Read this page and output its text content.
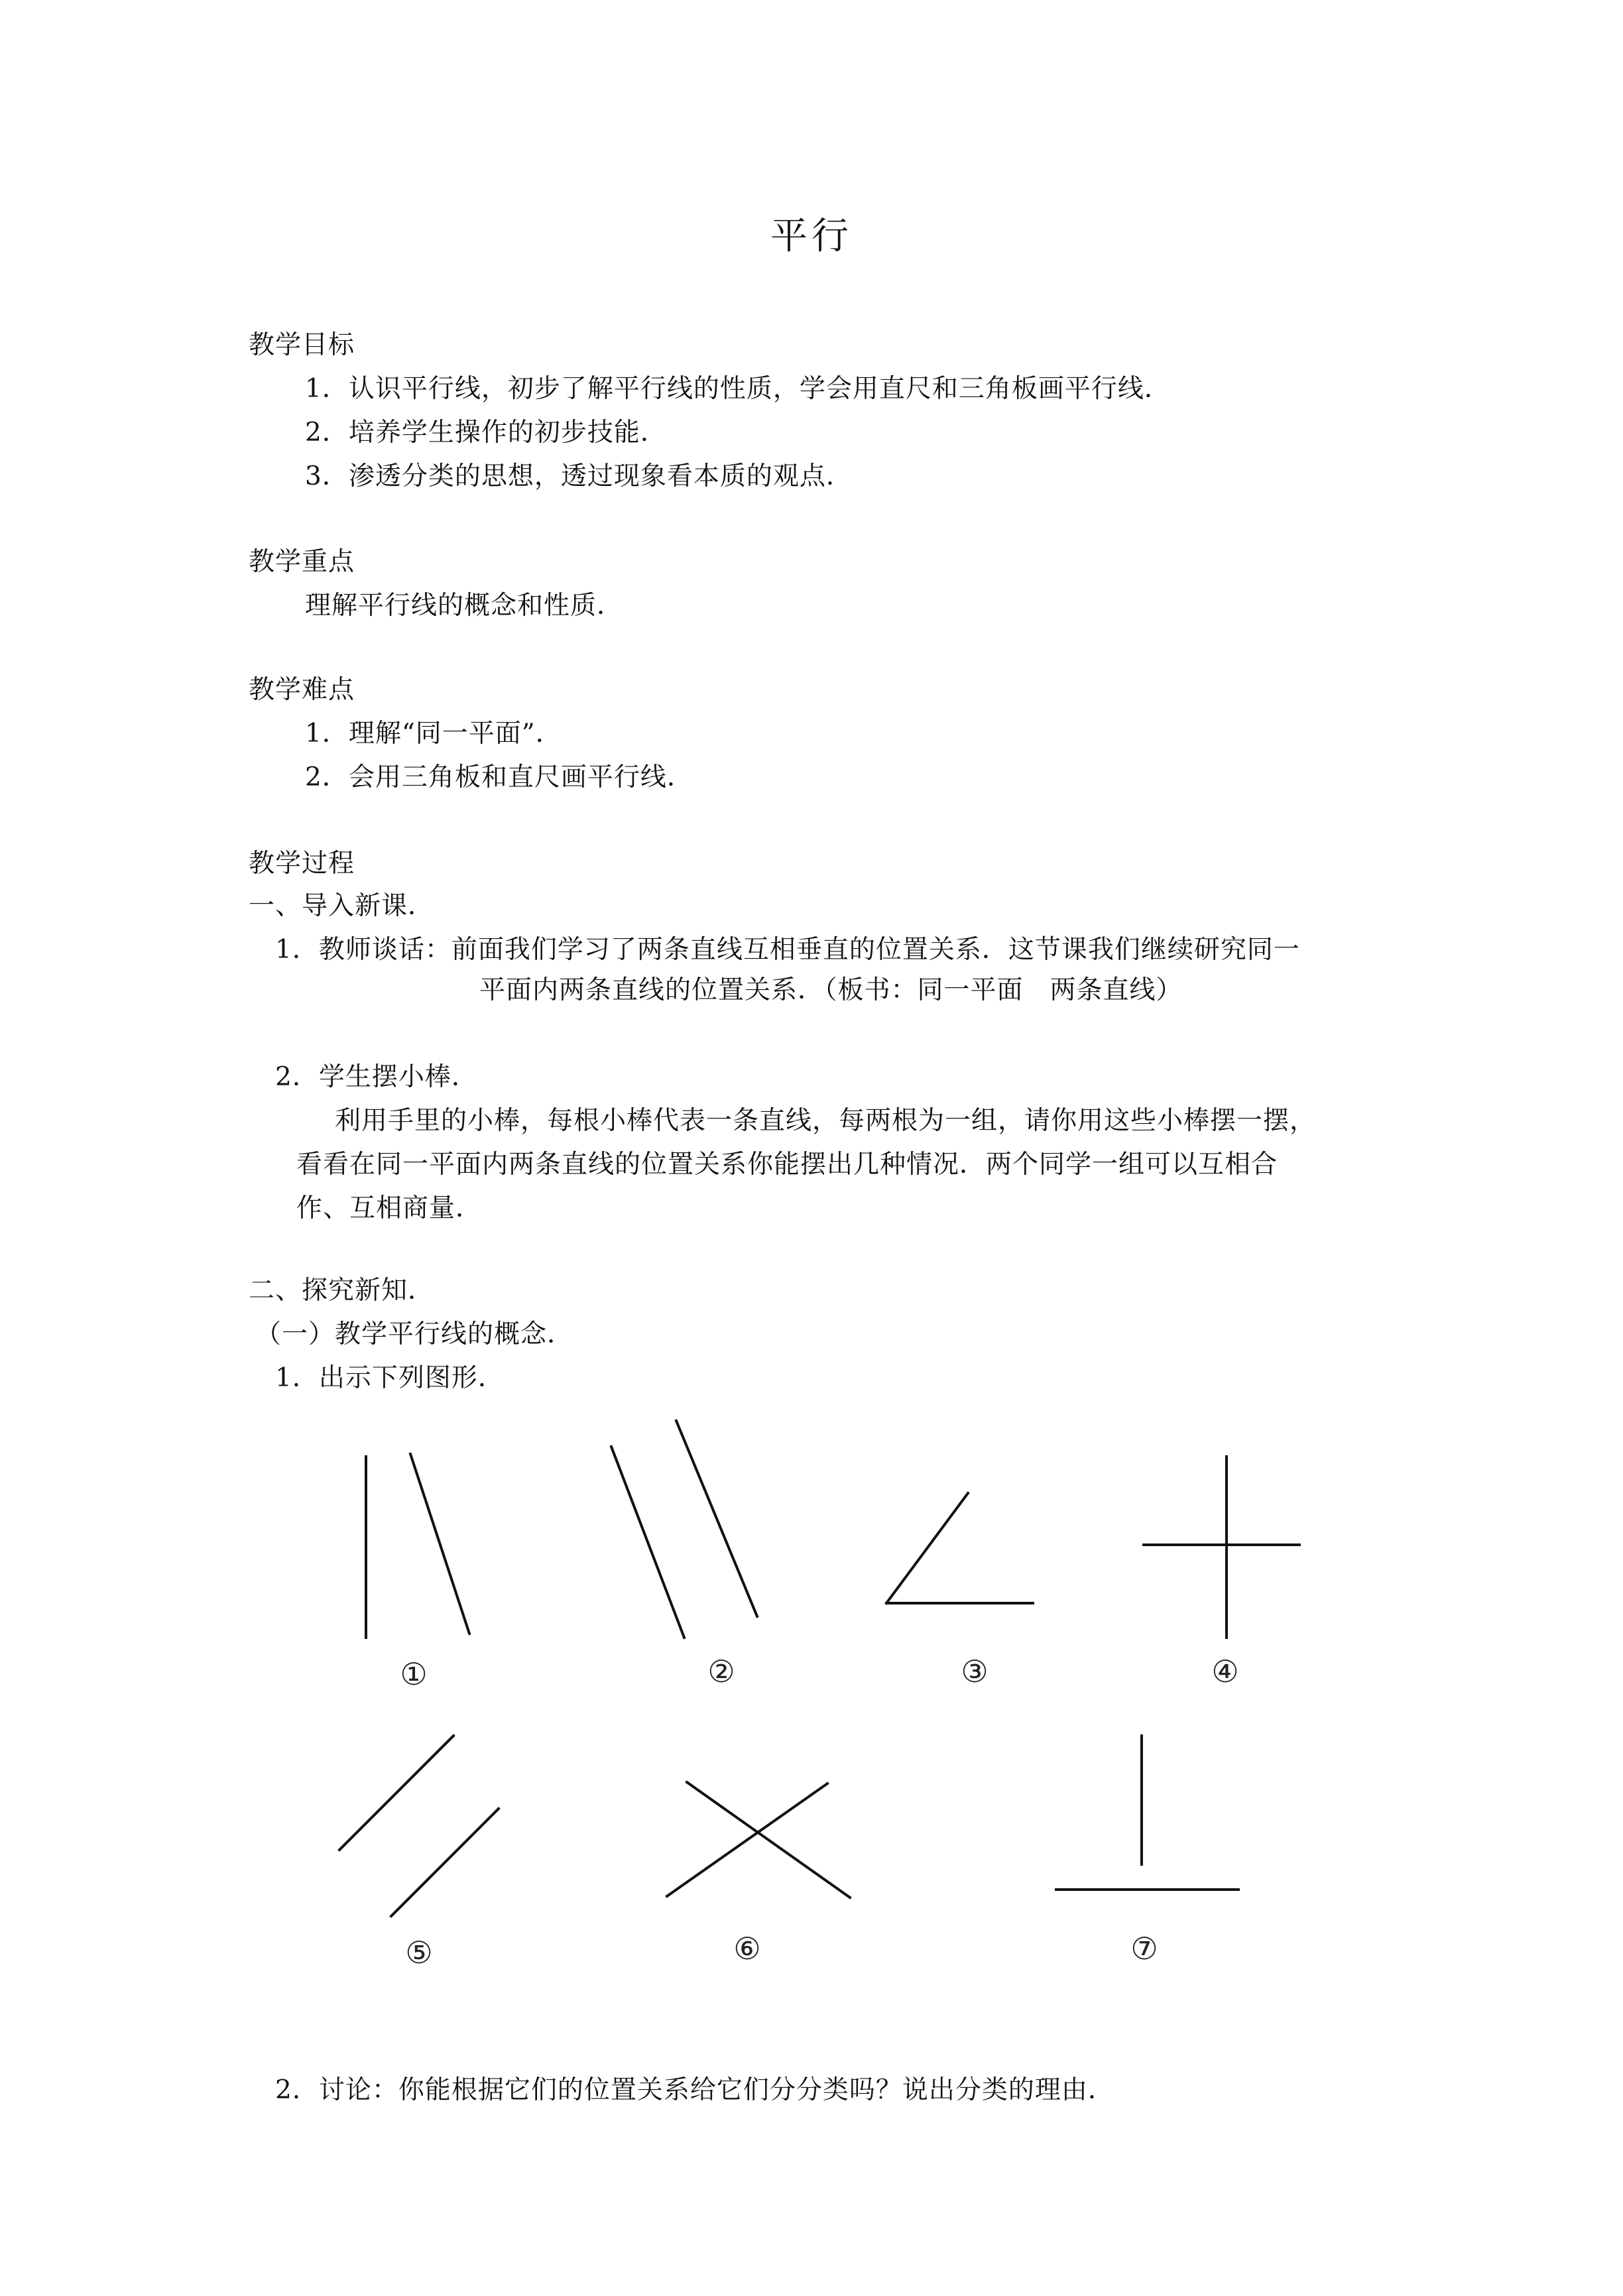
平行
教学目标
1．认识平行线，初步了解平行线的性质，学会用直尺和三角板画平行线．
2．培养学生操作的初步技能．
3．渗透分类的思想，透过现象看本质的观点．
教学重点
理解平行线的概念和性质．
教学难点
1．理解“同一平面”．
2．会用三角板和直尺画平行线．
教学过程
一、导入新课．
1．教师谈话：前面我们学习了两条直线互相垂直的位置关系．这节课我们继续研究同一
平面内两条直线的位置关系．（板书：同一平面　两条直线）
2．学生摆小棒．
利用手里的小棒，每根小棒代表一条直线，每两根为一组，请你用这些小棒摆一摆，
看看在同一平面内两条直线的位置关系你能摆出几种情况．两个同学一组可以互相合
作、互相商量．
二、探究新知．
（一）教学平行线的概念．
1．出示下列图形．
①	②	③	④
⑤	⑥	⑦
2．讨论：你能根据它们的位置关系给它们分分类吗？说出分类的理由．
